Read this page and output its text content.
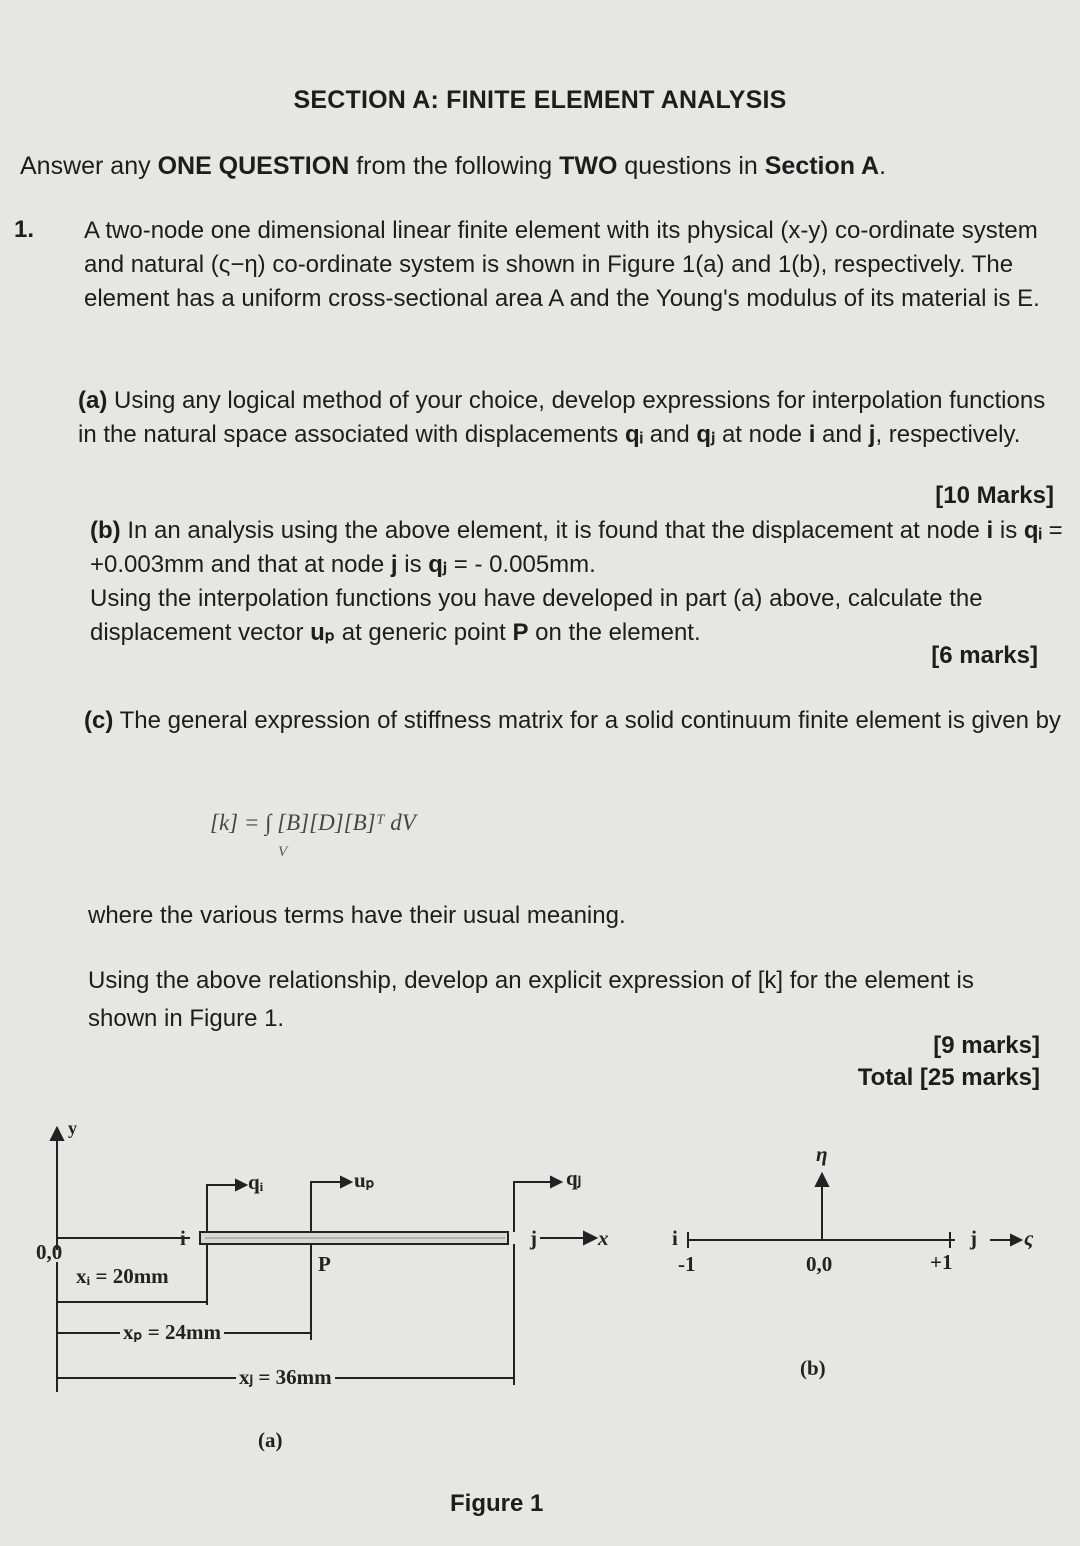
SECTION A: FINITE ELEMENT ANALYSIS
Answer any ONE QUESTION from the following TWO questions in Section A.
1. A two-node one dimensional linear finite element with its physical (x-y) co-ordinate system and natural (ς−η) co-ordinate system is shown in Figure 1(a) and 1(b), respectively. The element has a uniform cross-sectional area A and the Young's modulus of its material is E.
(a) Using any logical method of your choice, develop expressions for interpolation functions in the natural space associated with displacements qᵢ and qⱼ at node i and j, respectively.
[10 Marks]
(b) In an analysis using the above element, it is found that the displacement at node i is qᵢ = +0.003mm and that at node j is qⱼ = - 0.005mm.
Using the interpolation functions you have developed in part (a) above, calculate the displacement vector uₚ at generic point P on the element.
[6 marks]
(c) The general expression of stiffness matrix for a solid continuum finite element is given by
[k] = ∫ [B][D][B]ᵀ dV
V
where the various terms have their usual meaning.
Using the above relationship, develop an explicit expression of [k] for the element is shown in Figure 1.
[9 marks]
Total [25 marks]
y
0,0
i	j	x
P
qᵢ	uₚ	qⱼ
xᵢ = 20mm
xₚ = 24mm
xⱼ = 36mm
(a)
η
i
-1	0,0	+1
j ς
(b)
Figure 1
